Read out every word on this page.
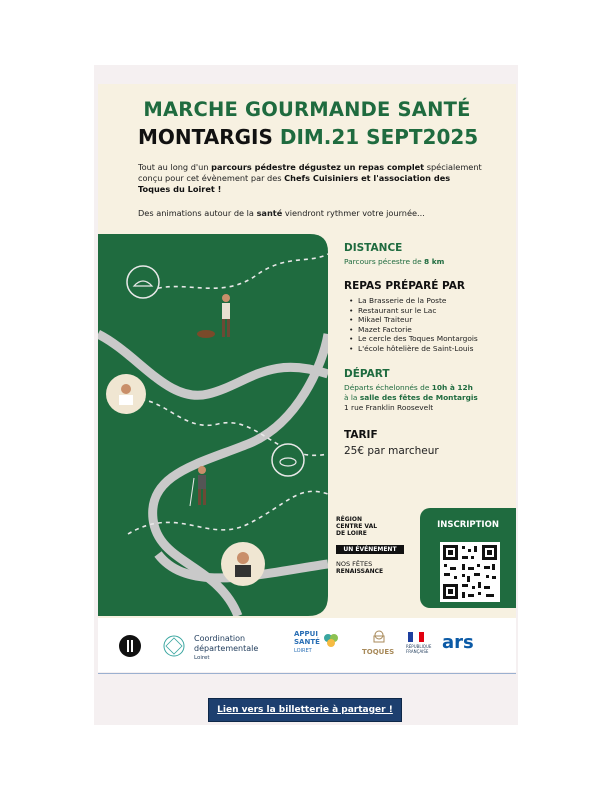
MARCHE GOURMANDE SANTÉ
MONTARGIS DIM.21 SEPT2025
Tout au long d'un parcours pédestre dégustez un repas complet spécialement conçu pour cet évènement par des Chefs Cuisiniers et l'association des Toques du Loiret !
Des animations autour de la santé viendront rythmer votre journée...
DISTANCE
Parcours pécestre de 8 km
REPAS PRÉPARÉ PAR
• La Brasserie de la Poste
• Restaurant sur le Lac
• Mikael Traiteur
• Mazet Factorie
• Le cercle des Toques Montargois
• L'école hôtelière de Saint-Louis
DÉPART
Départs échelonnés de 10h à 12h
à la salle des fêtes de Montargis
1 rue Franklin Roosevelt
TARIF
25€ par marcheur
RÉGION CENTRE VAL DE LOIRE
UN ÉVÉNEMENT
NOS FÊTES
RENAISSANCE
INSCRIPTION
Coordination
départementale
Loiret
APPUI
SANTÉ
LOIRET	TOQUES
RÉPUBLIQUE FRANÇAISE ars
Lien vers la billetterie à partager !
